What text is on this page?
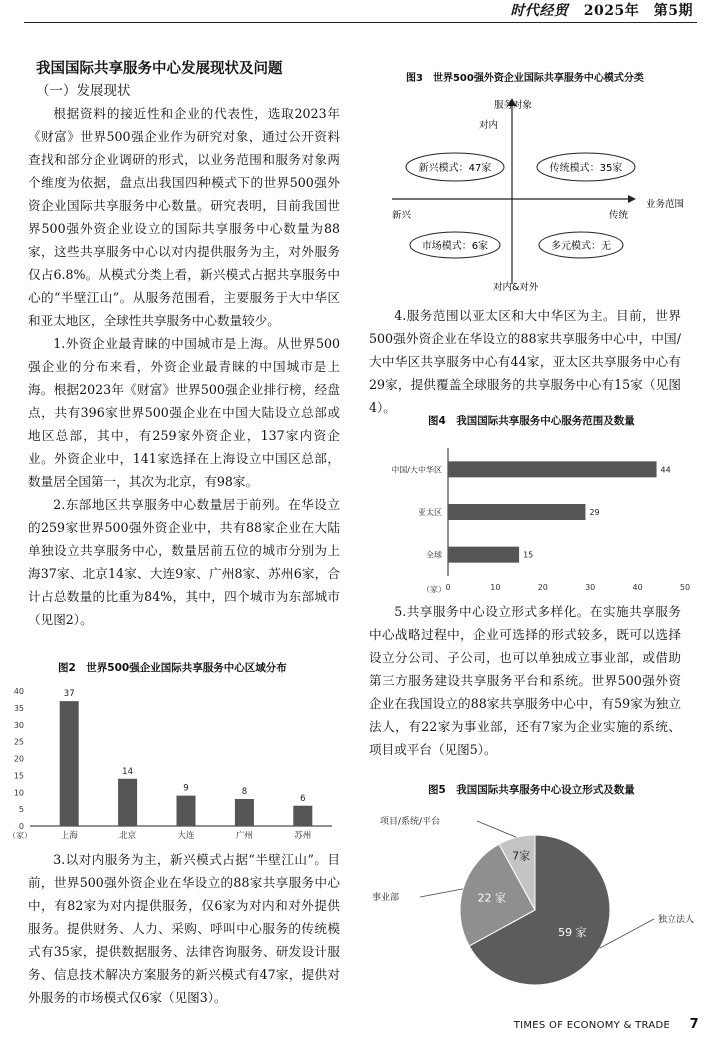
时代经贸 2025年　第5期
我国国际共享服务中心发展现状及问题
（一）发展现状

根据资料的接近性和企业的代表性，选取2023年《财富》世界500强企业作为研究对象，通过公开资料查找和部分企业调研的形式，以业务范围和服务对象两个维度为依据，盘点出我国四种模式下的世界500强外资企业国际共享服务中心数量。研究表明，目前我国世界500强外资企业设立的国际共享服务中心数量为88家，这些共享服务中心以对内提供服务为主，对外服务仅占6.8%。从模式分类上看，新兴模式占据共享服务中心的“半壁江山”。从服务范围看，主要服务于大中华区和亚太地区，全球性共享服务中心数量较少。

1.外资企业最青睐的中国城市是上海。从世界500强企业的分布来看，外资企业最青睐的中国城市是上海。根据2023年《财富》世界500强企业排行榜，经盘点，共有396家世界500强企业在中国大陆设立总部或地区总部，其中，有259家外资企业，137家内资企业。外资企业中，141家选择在上海设立中国区总部，数量居全国第一，其次为北京，有98家。

2.东部地区共享服务中心数量居于前列。在华设立的259家世界500强外资企业中，共有88家企业在大陆单独设立共享服务中心，数量居前五位的城市分别为上海37家、北京14家、大连9家、广州8家、苏州6家，合计占总数量的比重为84%，其中，四个城市为东部城市（见图2）。

图2　世界500强企业国际共享服务中心区域分布
0
5
10
15
20
25
30
35
40
（家）
37
上海
14
北京
9
大连
8
广州
6
苏州

3.以对内服务为主，新兴模式占据“半壁江山”。目前，世界500强外资企业在华设立的88家共享服务中心中，有82家为对内提供服务，仅6家为对内和对外提供服务。提供财务、人力、采购、呼叫中心服务的传统模式有35家，提供数据服务、法律咨询服务、研发设计服务、信息技术解决方案服务的新兴模式有47家，提供对外服务的市场模式仅6家（见图3）。

图3　世界500强外资企业国际共享服务中心模式分类
服务对象
对内
对内&对外
业务范围
新兴	传统
新兴模式：47家	传统模式：35家
市场模式：6家	多元模式：无

4.服务范围以亚太区和大中华区为主。目前，世界500强外资企业在华设立的88家共享服务中心中，中国/大中华区共享服务中心有44家，亚太区共享服务中心有29家，提供覆盖全球服务的共享服务中心有15家（见图4）。

图4　我国国际共享服务中心服务范围及数量
0	10	20	30	40	50
（家）
44
中国/大中华区
29
亚太区
15
全球

5.共享服务中心设立形式多样化。在实施共享服务中心战略过程中，企业可选择的形式较多，既可以选择设立分公司、子公司，也可以单独成立事业部，或借助第三方服务建设共享服务平台和系统。世界500强外资企业在我国设立的88家共享服务中心中，有59家为独立法人，有22家为事业部，还有7家为企业实施的系统、项目或平台（见图5）。

图5　我国国际共享服务中心设立形式及数量
59 家
独立法人
22 家
事业部
7家
项目/系统/平台
TIMES OF ECONOMY & TRADE 7
